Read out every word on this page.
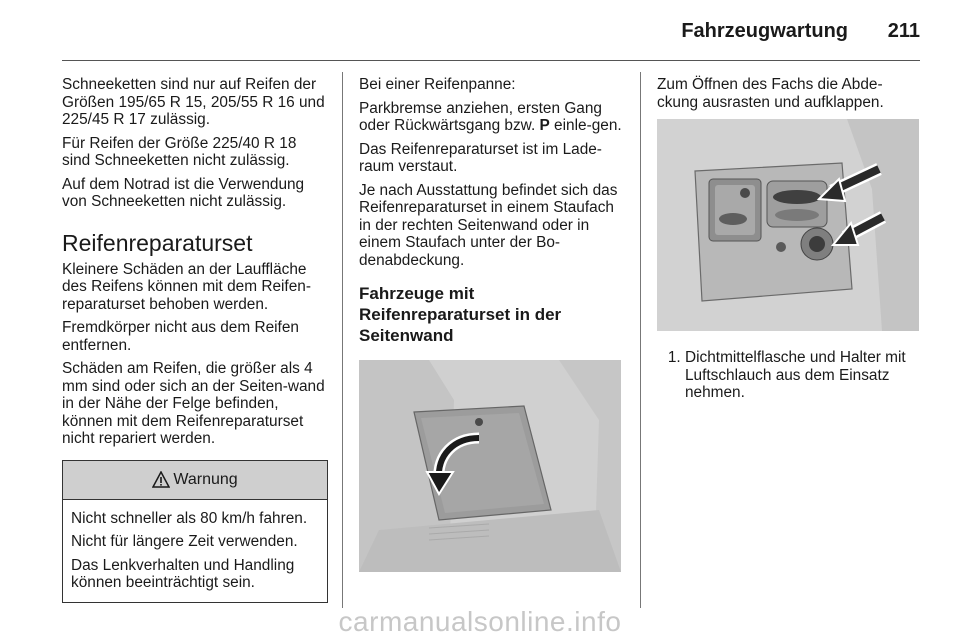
Fahrzeugwartung 211

Schneeketten sind nur auf Reifen der Größen 195/65 R 15, 205/55 R 16 und 225/45 R 17 zulässig.

Für Reifen der Größe 225/40 R 18 sind Schneeketten nicht zulässig.

Auf dem Notrad ist die Verwendung von Schneeketten nicht zulässig.

Reifenreparaturset

Kleinere Schäden an der Lauffläche des Reifens können mit dem Reifen-reparaturset behoben werden.

Fremdkörper nicht aus dem Reifen entfernen.

Schäden am Reifen, die größer als 4 mm sind oder sich an der Seiten-wand in der Nähe der Felge befinden, können mit dem Reifenreparaturset nicht repariert werden.

Warnung

Nicht schneller als 80 km/h fahren.

Nicht für längere Zeit verwenden.

Das Lenkverhalten und Handling können beeinträchtigt sein.

Bei einer Reifenpanne:

Parkbremse anziehen, ersten Gang oder Rückwärtsgang bzw. P einle-gen.

Das Reifenreparaturset ist im Lade-raum verstaut.

Je nach Ausstattung befindet sich das Reifenreparaturset in einem Staufach in der rechten Seitenwand oder in einem Staufach unter der Bo-denabdeckung.

Fahrzeuge mit Reifenreparaturset in der Seitenwand

Zum Öffnen des Fachs die Abde-ckung ausrasten und aufklappen.

1. Dichtmittelflasche und Halter mit Luftschlauch aus dem Einsatz nehmen.
carmanualsonline.info
